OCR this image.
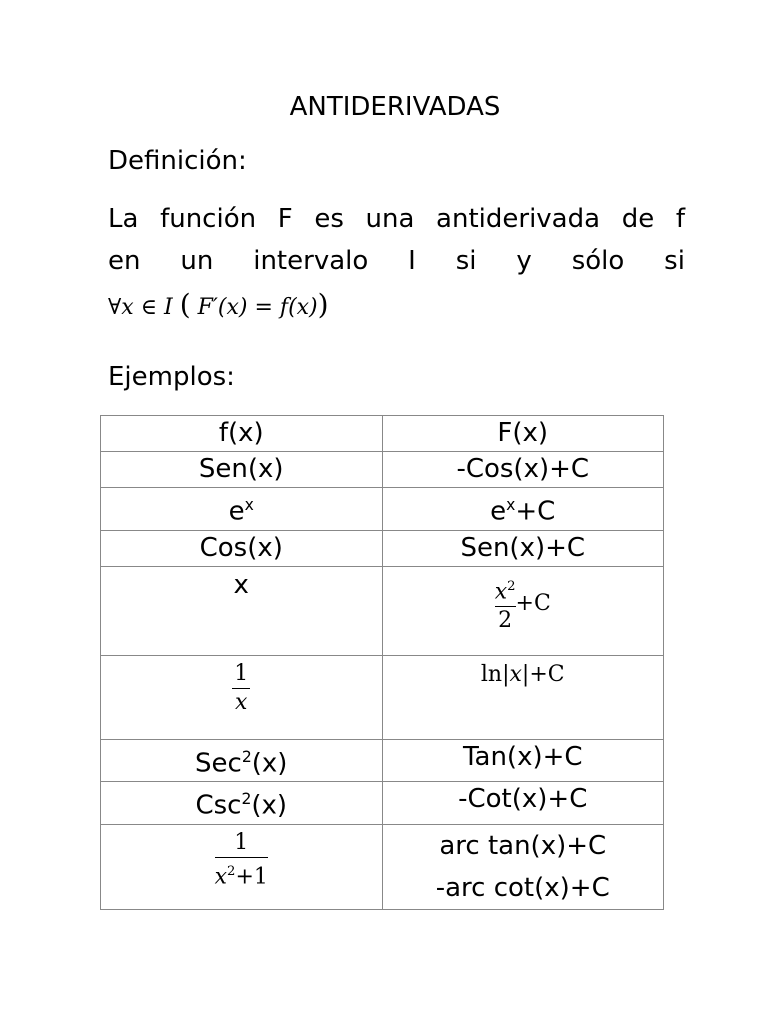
ANTIDERIVADAS
Definición:
La función F es una antiderivada de f
en un intervalo I si y sólo si
∀x ∈ I ( F′(x) = f(x))
Ejemplos:
f(x)	F(x)
Sen(x)	-Cos(x)+C
$e^x$	$e^x+C$
Cos(x)	Sen(x)+C

x	$\frac{x^2}{2} +C$

$\frac{1}{x}$	ln|x|+C

Sec$^2$(x)	Tan(x)+C
Csc$^2$(x)	-Cot(x)+C

$\frac{1}{x^2+1}$	arc tan(x)+C
-arc cot(x)+C
